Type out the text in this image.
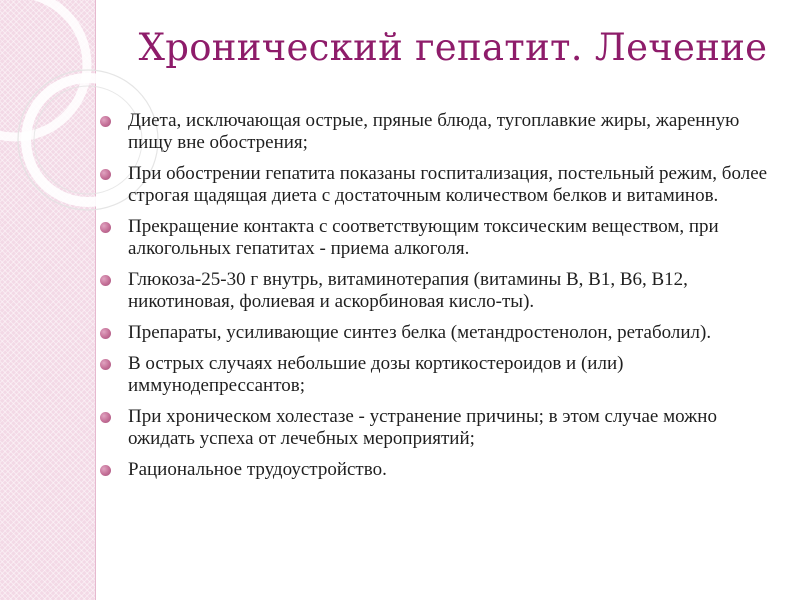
Хронический гепатит. Лечение
Диета, исключающая острые, пряные блюда, тугоплавкие жиры, жаренную пищу вне обострения;
При обострении гепатита показаны госпитализация, постельный режим, более строгая щадящая диета с достаточным количеством белков и витаминов.
Прекращение контакта с соответствующим токсическим веществом, при алкогольных гепатитах - приема алкоголя.
Глюкоза-25-30 г внутрь, витаминотерапия (витамины В, В1, В6, В12, никотиновая, фолиевая и аскорбиновая кисло-ты).
Препараты, усиливающие синтез белка (метандростенолон, ретаболил).
В острых случаях небольшие дозы кортикостероидов и (или) иммунодепрессантов;
При хроническом холестазе - устранение причины; в этом случае можно ожидать успеха от лечебных мероприятий;
Рациональное трудоустройство.
